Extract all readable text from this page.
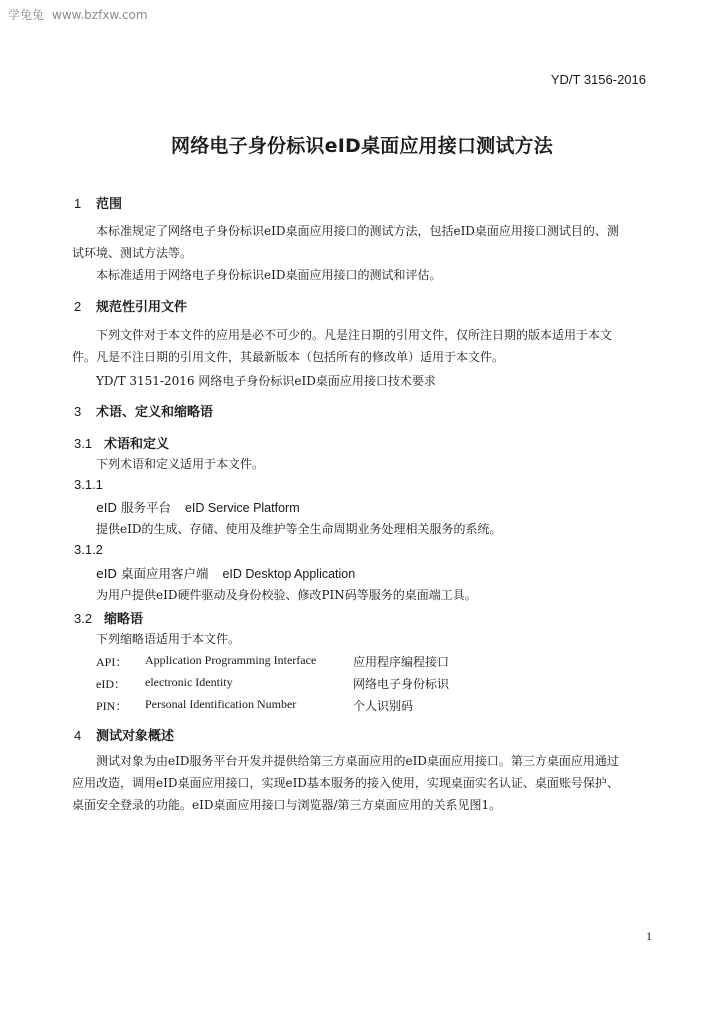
学兔兔 www.bzfxw.com
YD/T 3156-2016
网络电子身份标识eID桌面应用接口测试方法
1 范围
本标准规定了网络电子身份标识eID桌面应用接口的测试方法，包括eID桌面应用接口测试目的、测
试环境、测试方法等。
本标准适用于网络电子身份标识eID桌面应用接口的测试和评估。
2 规范性引用文件
下列文件对于本文件的应用是必不可少的。凡是注日期的引用文件，仅所注日期的版本适用于本文
件。凡是不注日期的引用文件，其最新版本（包括所有的修改单）适用于本文件。
YD/T 3151-2016 网络电子身份标识eID桌面应用接口技术要求
3 术语、定义和缩略语
3.1 术语和定义
下列术语和定义适用于本文件。
3.1.1
eID 服务平台 eID Service Platform
提供eID的生成、存储、使用及维护等全生命周期业务处理相关服务的系统。
3.1.2
eID 桌面应用客户端 eID Desktop Application
为用户提供eID硬件驱动及身份校验、修改PIN码等服务的桌面端工具。
3.2 缩略语
下列缩略语适用于本文件。
API： Application Programming Interface	应用程序编程接口
eID： electronic Identity	网络电子身份标识
PIN： Personal Identification Number	个人识别码
4 测试对象概述
测试对象为由eID服务平台开发并提供给第三方桌面应用的eID桌面应用接口。第三方桌面应用通过
应用改造，调用eID桌面应用接口，实现eID基本服务的接入使用，实现桌面实名认证、桌面账号保护、
桌面安全登录的功能。eID桌面应用接口与浏览器/第三方桌面应用的关系见图1。
1
